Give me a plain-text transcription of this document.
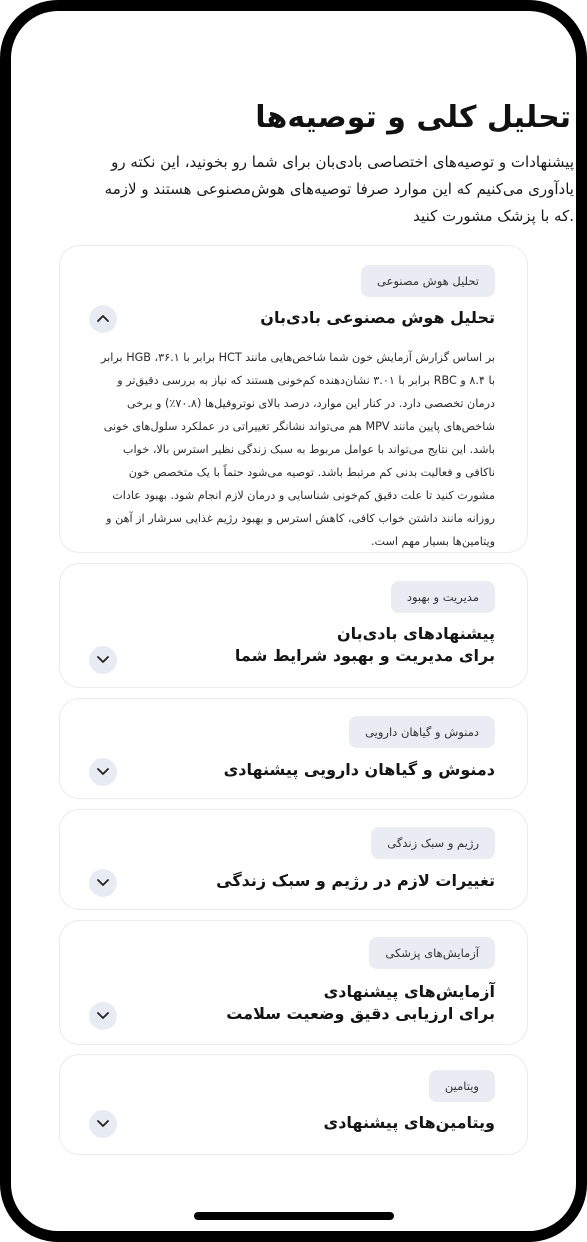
تحلیل کلی و توصیه‌ها
پیشنهادات و توصیه‌های اختصاصی بادی‌بان برای شما رو بخونید، این نکته رو یادآوری می‌کنیم که این موارد صرفا توصیه‌های هوش‌مصنوعی هستند و لازمه که با پزشک مشورت کنید.
تحلیل هوش مصنوعی
تحلیل هوش مصنوعی بادی‌بان
بر اساس گزارش آزمایش خون شما شاخص‌هایی مانند HCT برابر با ۳۶.۱، HGB برابر با ۸.۴ و RBC برابر با ۳.۰۱ نشان‌دهنده کم‌خونی هستند که نیاز به بررسی دقیق‌تر و درمان تخصصی دارد. در کنار این موارد، درصد بالای نوتروفیل‌ها (۷۰.۸٪) و برخی شاخص‌های پایین مانند MPV هم می‌تواند نشانگر تغییراتی در عملکرد سلول‌های خونی باشد. این نتایج می‌تواند با عوامل مربوط به سبک زندگی نظیر استرس بالا، خواب ناکافی و فعالیت بدنی کم مرتبط باشد. توصیه می‌شود حتماً با یک متخصص خون مشورت کنید تا علت دقیق کم‌خونی شناسایی و درمان لازم انجام شود. بهبود عادات روزانه مانند داشتن خواب کافی، کاهش استرس و بهبود رژیم غذایی سرشار از آهن و ویتامین‌ها بسیار مهم است.
مدیریت و بهبود
پیشنهادهای بادی‌بان
برای مدیریت و بهبود شرایط شما
دمنوش و گیاهان دارویی
دمنوش و گیاهان دارویی پیشنهادی
رژیم و سبک زندگی
تغییرات لازم در رژیم و سبک زندگی
آزمایش‌های پزشکی
آزمایش‌های پیشنهادی
برای ارزیابی دقیق وضعیت سلامت
ویتامین
ویتامین‌های پیشنهادی
